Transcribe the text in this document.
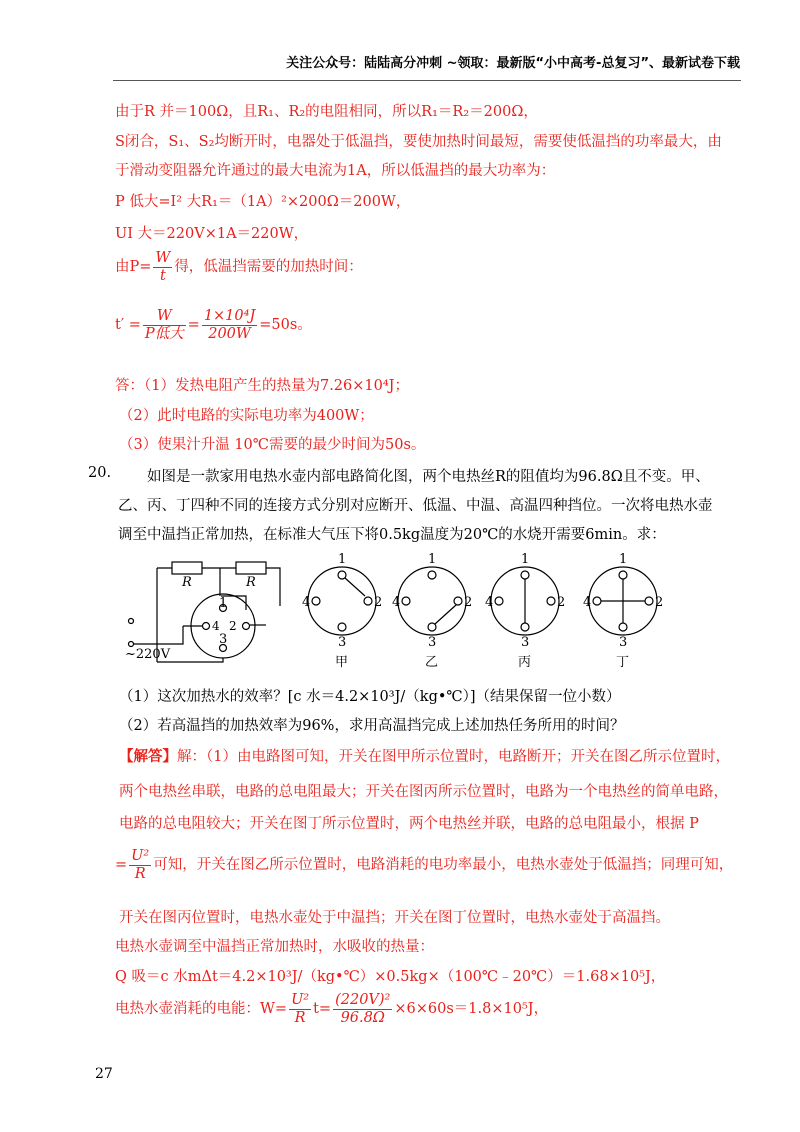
关注公众号：陆陆高分冲刺 ~领取：最新版“小中高考-总复习”、最新试卷下载
由于R 并＝100Ω，且R₁、R₂的电阻相同，所以R₁＝R₂＝200Ω，
S闭合，S₁、S₂均断开时，电器处于低温挡，要使加热时间最短，需要使低温挡的功率最大，由
于滑动变阻器允许通过的最大电流为1A，所以低温挡的最大功率为：
P 低大=I² 大R₁＝（1A）²×200Ω＝200W，
UI 大＝220V×1A＝220W，
由$P= \frac{W}{t}$ 得，低温挡需要的加热时间：
$t' = \frac{W}{\text{P低大}} = \frac{\text{1×10⁴J}}{200W} =50s$。
答：（1）发热电阻产生的热量为7.26×10⁴J；
（2）此时电路的实际电功率为400W；
（3）使果汁升温 10℃需要的最少时间为50s。
20. 如图是一款家用电热水壶内部电路简化图，两个电热丝R的阻值均为96.8Ω且不变。甲、
乙、丙、丁四种不同的连接方式分别对应断开、低温、中温、高温四种挡位。一次将电热水壶
调至中温挡正常加热，在标准大气压下将0.5kg温度为20℃的水烧开需要6min。求：
R	R
1
4 2
3
~220V
1
4	2
3
甲
1
4	2
3
乙
1
4	2
3
丙
1
4	2
3
丁
（1）这次加热水的效率？[c 水＝4.2×10³J/（kg•℃）]（结果保留一位小数）
（2）若高温挡的加热效率为96%，求用高温挡完成上述加热任务所用的时间？
【解答】解：（1）由电路图可知，开关在图甲所示位置时，电路断开；开关在图乙所示位置时，
两个电热丝串联，电路的总电阻最大；开关在图丙所示位置时，电路为一个电热丝的简单电路，
电路的总电阻较大；开关在图丁所示位置时，两个电热丝并联，电路的总电阻最小，根据 P
= $\frac{\text{U²}}{R}$ 可知，开关在图乙所示位置时，电路消耗的电功率最小，电热水壶处于低温挡；同理可知，
开关在图丙位置时，电热水壶处于中温挡；开关在图丁位置时，电热水壶处于高温挡。
电热水壶调至中温挡正常加热时，水吸收的热量：
Q 吸＝c 水mΔt＝4.2×10³J/（kg•℃）×0.5kg×（100℃﹣20℃）＝1.68×10⁵J，
电热水壶消耗的电能：$W= \frac{\text{U²}}{R} t= \frac{\text{(220V)²}}{96.8\Omega} \times 6\times 60s=1.8\times 10^5J$，
27
